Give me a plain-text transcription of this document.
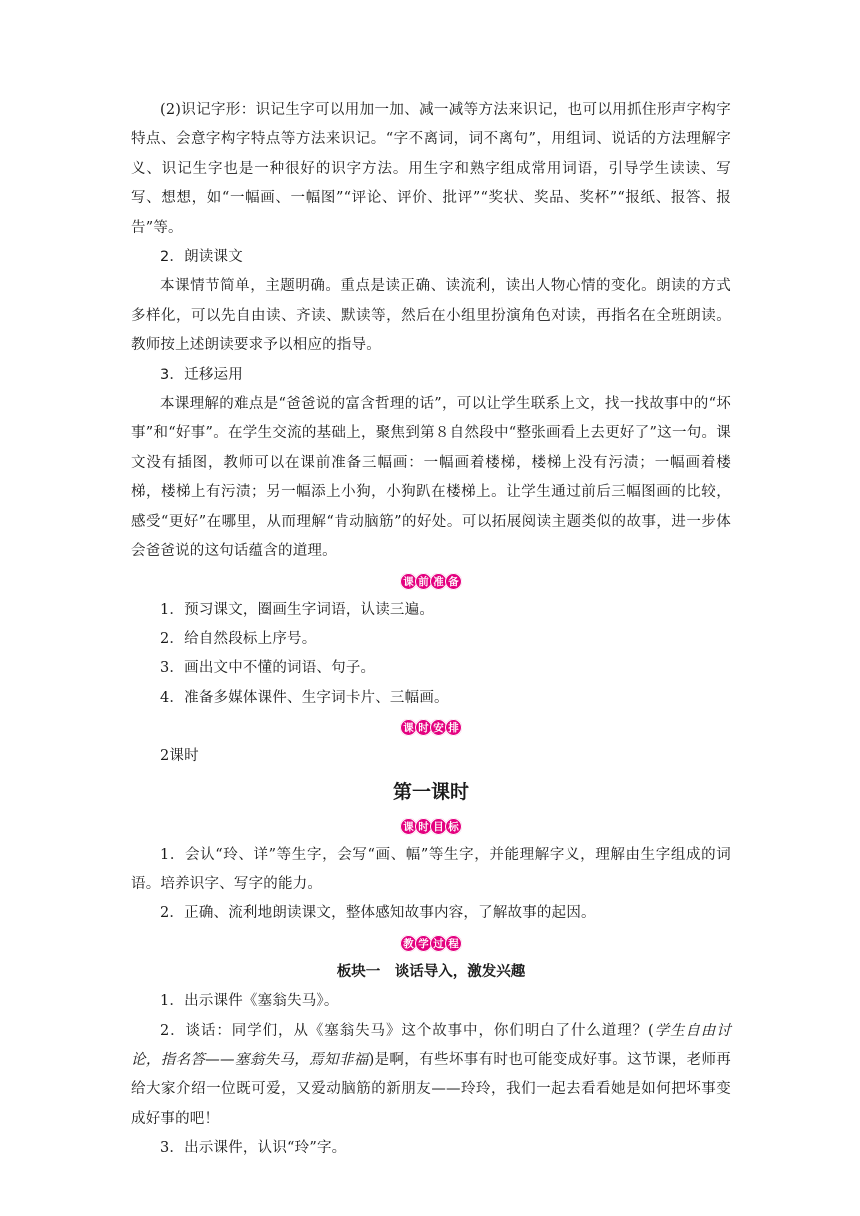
(2)识记字形：识记生字可以用加一加、减一减等方法来识记，也可以用抓住形声字构字特点、会意字构字特点等方法来识记。“字不离词，词不离句”，用组词、说话的方法理解字义、识记生字也是一种很好的识字方法。用生字和熟字组成常用词语，引导学生读读、写写、想想，如“一幅画、一幅图”“评论、评价、批评”“奖状、奖品、奖杯”“报纸、报答、报告”等。

2．朗读课文

本课情节简单，主题明确。重点是读正确、读流利，读出人物心情的变化。朗读的方式多样化，可以先自由读、齐读、默读等，然后在小组里扮演角色对读，再指名在全班朗读。教师按上述朗读要求予以相应的指导。

3．迁移运用

本课理解的难点是“爸爸说的富含哲理的话”，可以让学生联系上文，找一找故事中的“坏事”和“好事”。在学生交流的基础上，聚焦到第８自然段中“整张画看上去更好了”这一句。课文没有插图，教师可以在课前准备三幅画：一幅画着楼梯，楼梯上没有污渍；一幅画着楼梯，楼梯上有污渍；另一幅添上小狗，小狗趴在楼梯上。让学生通过前后三幅图画的比较，感受“更好”在哪里，从而理解“肯动脑筋”的好处。可以拓展阅读主题类似的故事，进一步体会爸爸说的这句话蕴含的道理。

课 前 准 备

1．预习课文，圈画生字词语，认读三遍。

2．给自然段标上序号。

3．画出文中不懂的词语、句子。

4．准备多媒体课件、生字词卡片、三幅画。

课 时 安 排

2课时

第一课时
课 时 目 标

1．会认“玲、详”等生字，会写“画、幅”等生字，并能理解字义，理解由生字组成的词语。培养识字、写字的能力。

2．正确、流利地朗读课文，整体感知故事内容，了解故事的起因。

教 学 过 程
板块一　谈话导入，激发兴趣

1．出示课件《塞翁失马》。

2．谈话：同学们，从《塞翁失马》这个故事中，你们明白了什么道理？(学生自由讨论，指名答——塞翁失马，焉知非福)是啊，有些坏事有时也可能变成好事。这节课，老师再给大家介绍一位既可爱，又爱动脑筋的新朋友——玲玲，我们一起去看看她是如何把坏事变成好事的吧！

3．出示课件，认识“玲”字。
